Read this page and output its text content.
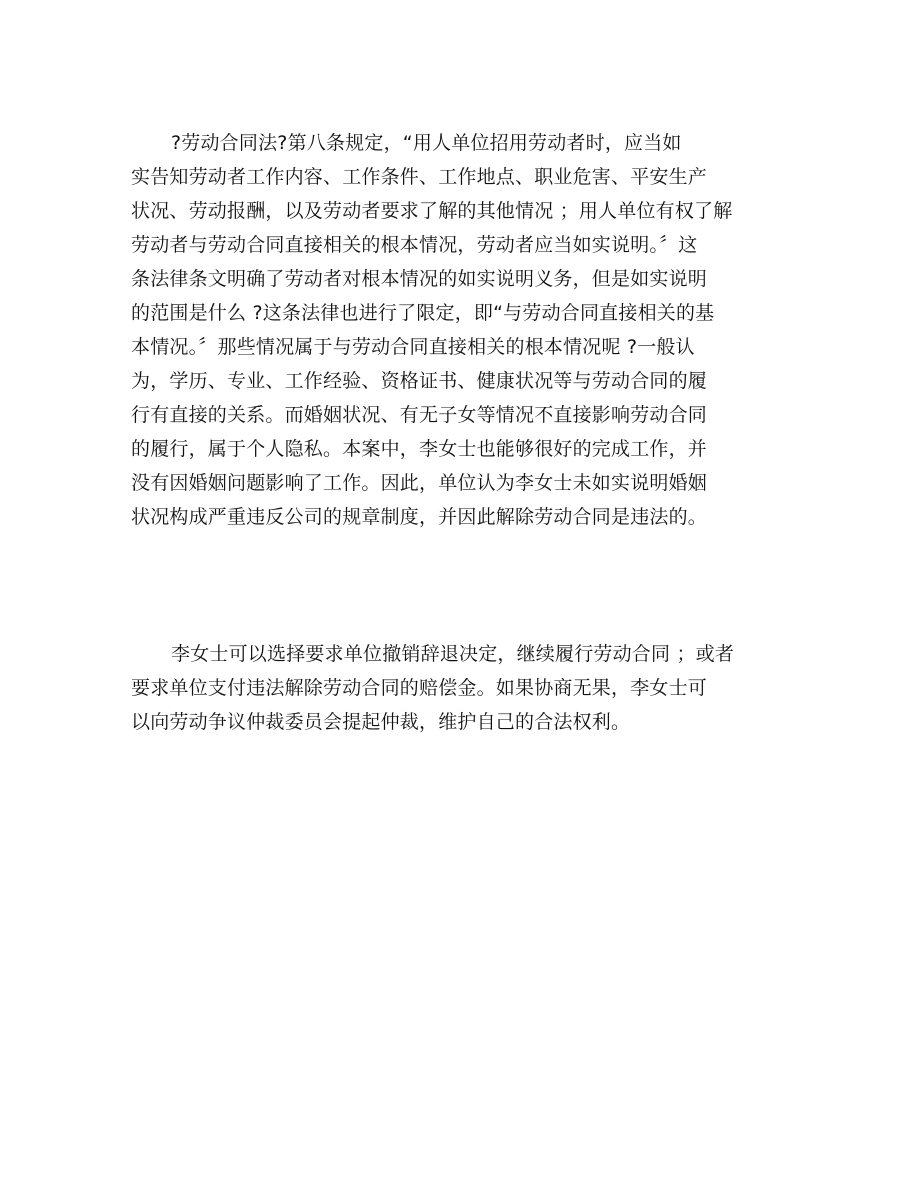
?劳动合同法?第八条规定，“用人单位招用劳动者时，应当如
实告知劳动者工作内容、工作条件、工作地点、职业危害、平安生产
状况、劳动报酬，以及劳动者要求了解的其他情况 ；用人单位有权了解
劳动者与劳动合同直接相关的根本情况，劳动者应当如实说明。〞这
条法律条文明确了劳动者对根本情况的如实说明义务，但是如实说明
的范围是什么 ?这条法律也进行了限定，即“与劳动合同直接相关的基
本情况。〞那些情况属于与劳动合同直接相关的根本情况呢 ?一般认
为，学历、专业、工作经验、资格证书、健康状况等与劳动合同的履
行有直接的关系。而婚姻状况、有无子女等情况不直接影响劳动合同
的履行，属于个人隐私。本案中，李女士也能够很好的完成工作，并
没有因婚姻问题影响了工作。因此，单位认为李女士未如实说明婚姻
状况构成严重违反公司的规章制度，并因此解除劳动合同是违法的。
李女士可以选择要求单位撤销辞退决定，继续履行劳动合同 ；或者
要求单位支付违法解除劳动合同的赔偿金。如果协商无果，李女士可
以向劳动争议仲裁委员会提起仲裁，维护自己的合法权利。
